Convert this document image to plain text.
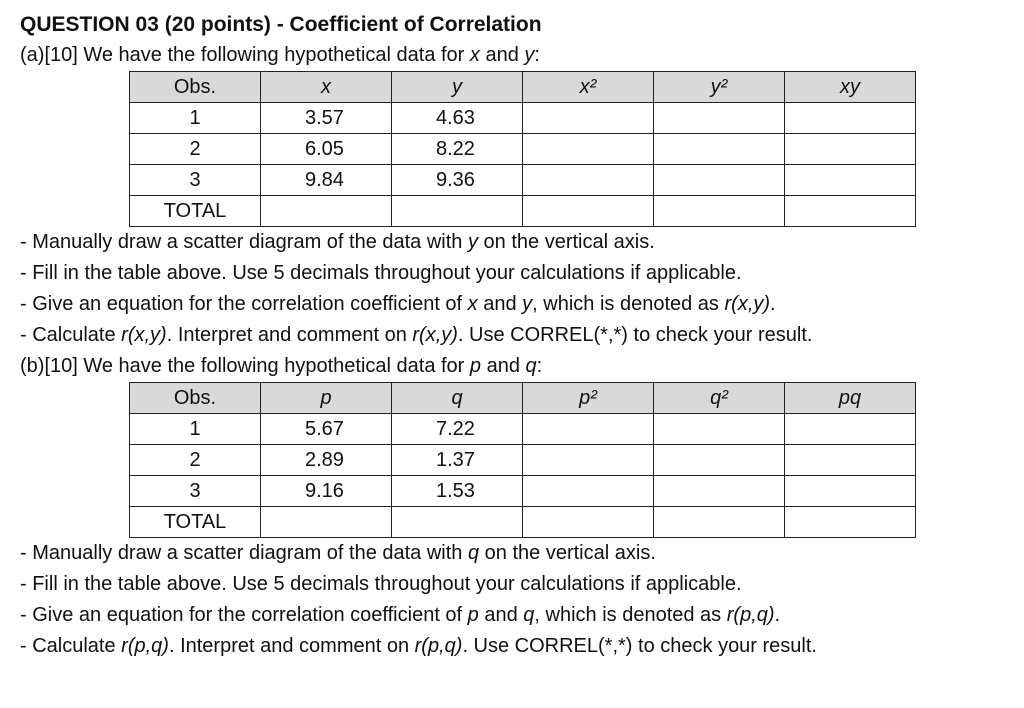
QUESTION 03 (20 points) - Coefficient of Correlation
(a)[10] We have the following hypothetical data for x and y:
Obs.	x	y	x²	y²	xy
1	3.57	4.63			
2	6.05	8.22			
3	9.84	9.36			
TOTAL					
- Manually draw a scatter diagram of the data with y on the vertical axis.
- Fill in the table above. Use 5 decimals throughout your calculations if applicable.
- Give an equation for the correlation coefficient of x and y, which is denoted as r(x,y).
- Calculate r(x,y). Interpret and comment on r(x,y). Use CORREL(*,*) to check your result.
(b)[10] We have the following hypothetical data for p and q:
Obs.	p	q	p²	q²	pq
1	5.67	7.22			
2	2.89	1.37			
3	9.16	1.53			
TOTAL					
- Manually draw a scatter diagram of the data with q on the vertical axis.
- Fill in the table above. Use 5 decimals throughout your calculations if applicable.
- Give an equation for the correlation coefficient of p and q, which is denoted as r(p,q).
- Calculate r(p,q). Interpret and comment on r(p,q). Use CORREL(*,*) to check your result.
